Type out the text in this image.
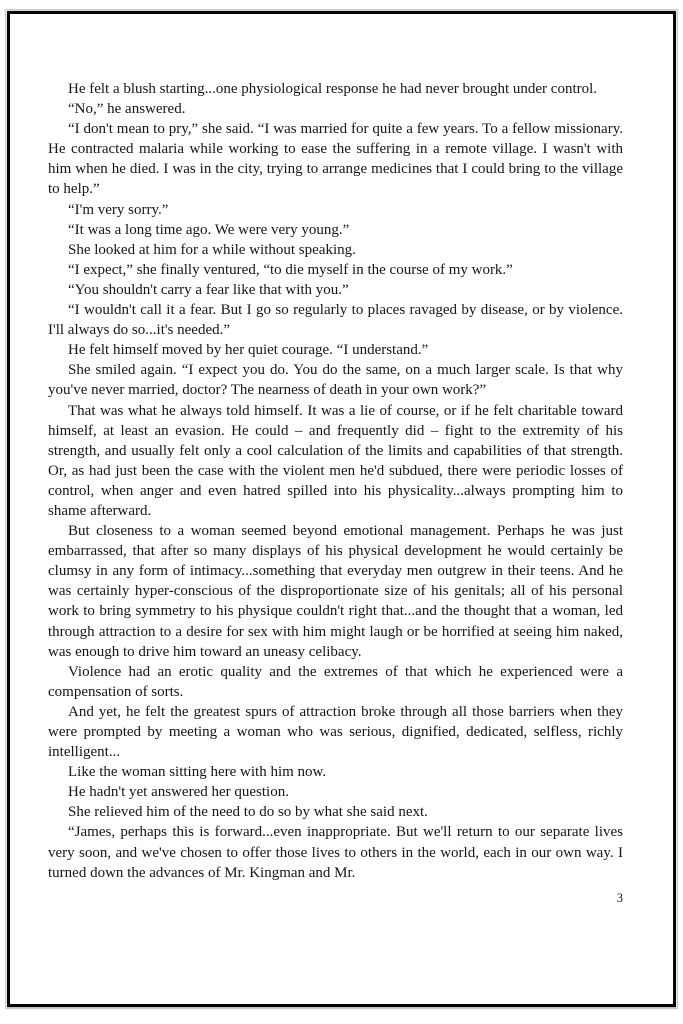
He felt a blush starting...one physiological response he had never brought under control.

“No,” he answered.

“I don't mean to pry,” she said. “I was married for quite a few years. To a fellow missionary. He contracted malaria while working to ease the suffering in a remote village. I wasn't with him when he died. I was in the city, trying to arrange medicines that I could bring to the village to help.”

“I'm very sorry.”

“It was a long time ago. We were very young.”

She looked at him for a while without speaking.

“I expect,” she finally ventured, “to die myself in the course of my work.”

“You shouldn't carry a fear like that with you.”

“I wouldn't call it a fear. But I go so regularly to places ravaged by disease, or by violence. I'll always do so...it's needed.”

He felt himself moved by her quiet courage. “I understand.”

She smiled again. “I expect you do. You do the same, on a much larger scale. Is that why you've never married, doctor? The nearness of death in your own work?”

That was what he always told himself. It was a lie of course, or if he felt charitable toward himself, at least an evasion. He could – and frequently did – fight to the extremity of his strength, and usually felt only a cool calculation of the limits and capabilities of that strength. Or, as had just been the case with the violent men he'd subdued, there were periodic losses of control, when anger and even hatred spilled into his physicality...always prompting him to shame afterward.

But closeness to a woman seemed beyond emotional management. Perhaps he was just embarrassed, that after so many displays of his physical development he would certainly be clumsy in any form of intimacy...something that everyday men outgrew in their teens. And he was certainly hyper-conscious of the disproportionate size of his genitals; all of his personal work to bring symmetry to his physique couldn't right that...and the thought that a woman, led through attraction to a desire for sex with him might laugh or be horrified at seeing him naked, was enough to drive him toward an uneasy celibacy.

Violence had an erotic quality and the extremes of that which he experienced were a compensation of sorts.

And yet, he felt the greatest spurs of attraction broke through all those barriers when they were prompted by meeting a woman who was serious, dignified, dedicated, selfless, richly intelligent...

Like the woman sitting here with him now.

He hadn't yet answered her question.

She relieved him of the need to do so by what she said next.

“James, perhaps this is forward...even inappropriate. But we'll return to our separate lives very soon, and we've chosen to offer those lives to others in the world, each in our own way. I turned down the advances of Mr. Kingman and Mr.

3
